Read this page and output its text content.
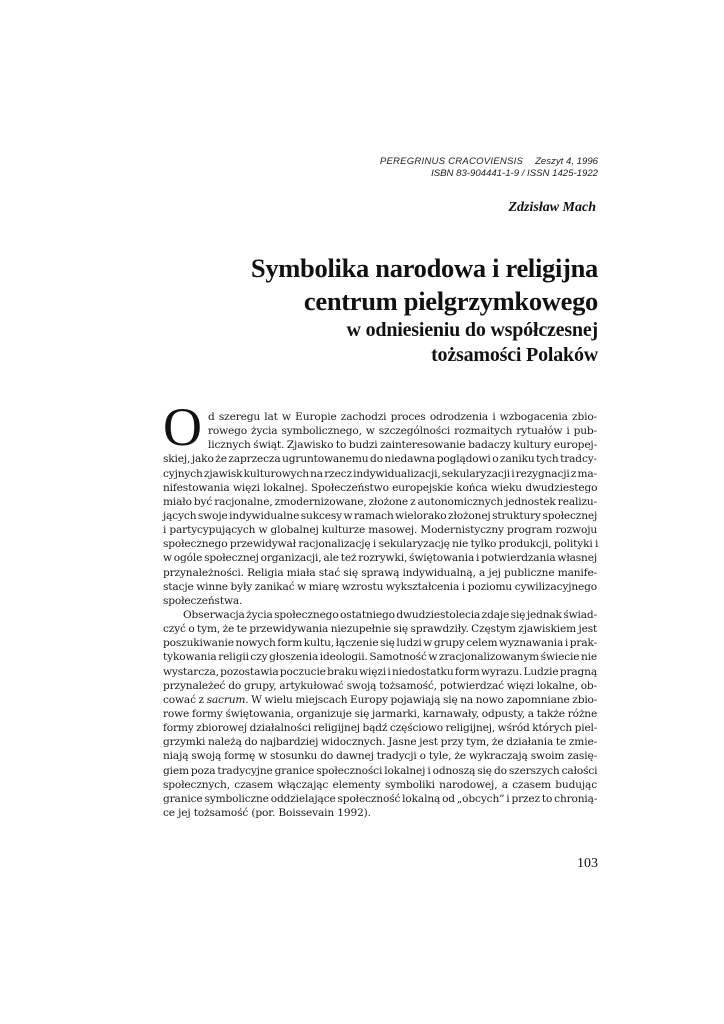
PEREGRINUS CRACOVIENSIS Zeszyt 4, 1996
ISBN 83-904441-1-9 / ISSN 1425-1922
Zdzisław Mach
Symbolika narodowa i religijna
centrum pielgrzymkowego
w odniesieniu do współczesnej
tożsamości Polaków
O d szeregu lat w Europie zachodzi proces odrodzenia i wzbogacenia zbio-
rowego życia symbolicznego, w szczególności rozmaitych rytuałów i pub-
licznych świąt. Zjawisko to budzi zainteresowanie badaczy kultury europej-
skiej, jako że zaprzecza ugruntowanemu do niedawna poglądowi o zaniku tych tradcy-
cyjnych zjawisk kulturowych na rzecz indywidualizacji, sekularyzacji i rezygnacji z ma-
nifestowania więzi lokalnej. Społeczeństwo europejskie końca wieku dwudziestego
miało być racjonalne, zmodernizowane, złożone z autonomicznych jednostek realizu-
jących swoje indywidualne sukcesy w ramach wielorako złożonej struktury społecznej
i partycypujących w globalnej kulturze masowej. Modernistyczny program rozwoju
społecznego przewidywał racjonalizację i sekularyzację nie tylko produkcji, polityki i
w ogóle społecznej organizacji, ale też rozrywki, świętowania i potwierdzania własnej
przynależności. Religia miała stać się sprawą indywidualną, a jej publiczne manife-
stacje winne były zanikać w miarę wzrostu wykształcenia i poziomu cywilizacyjnego
społeczeństwa.
Obserwacja życia społecznego ostatniego dwudziestolecia zdaje się jednak świad-
czyć o tym, że te przewidywania niezupełnie się sprawdziły. Częstym zjawiskiem jest
poszukiwanie nowych form kultu, łączenie się ludzi w grupy celem wyznawania i prak-
tykowania religii czy głoszenia ideologii. Samotność w zracjonalizowanym świecie nie
wystarcza, pozostawia poczucie braku więzi i niedostatku form wyrazu. Ludzie pragną
przynależeć do grupy, artykułować swoją tożsamość, potwierdzać więzi lokalne, ob-
cować z sacrum. W wielu miejscach Europy pojawiają się na nowo zapomniane zbio-
rowe formy świętowania, organizuje się jarmarki, karnawały, odpusty, a także różne
formy zbiorowej działalności religijnej bądź częściowo religijnej, wśród których piel-
grzymki należą do najbardziej widocznych. Jasne jest przy tym, że działania te zmie-
niają swoją formę w stosunku do dawnej tradycji o tyle, że wykraczają swoim zasię-
giem poza tradycyjne granice społeczności lokalnej i odnoszą się do szerszych całości
społecznych, czasem włączając elementy symboliki narodowej, a czasem budując
granice symboliczne oddzielające społeczność lokalną od „obcych” i przez to chronią-
ce jej tożsamość (por. Boissevain 1992).
103
